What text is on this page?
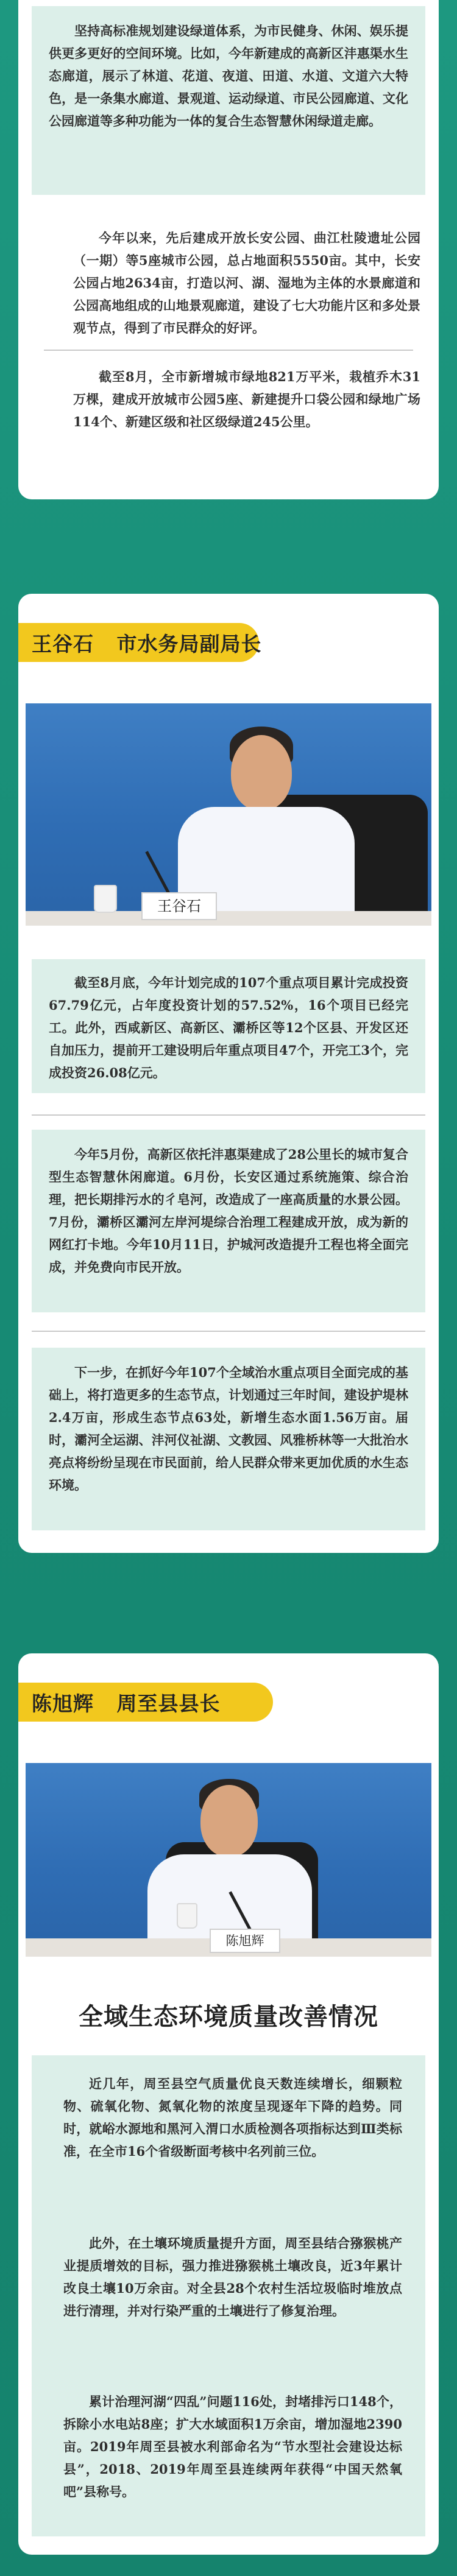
坚持高标准规划建设绿道体系，为市民健身、休闲、娱乐提供更多更好的空间环境。比如，今年新建成的高新区沣惠渠水生态廊道，展示了林道、花道、夜道、田道、水道、文道六大特色，是一条集水廊道、景观道、运动绿道、市民公园廊道、文化公园廊道等多种功能为一体的复合生态智慧休闲绿道走廊。

今年以来，先后建成开放长安公园、曲江杜陵遗址公园（一期）等5座城市公园，总占地面积5550亩。其中，长安公园占地2634亩，打造以河、湖、湿地为主体的水景廊道和公园高地组成的山地景观廊道，建设了七大功能片区和多处景观节点，得到了市民群众的好评。

截至8月，全市新增城市绿地821万平米，栽植乔木31万棵，建成开放城市公园5座、新建提升口袋公园和绿地广场114个、新建区级和社区级绿道245公里。

王谷石   市水务局副局长
王谷石

截至8月底，今年计划完成的107个重点项目累计完成投资67.79亿元，占年度投资计划的57.52%，16个项目已经完工。此外，西咸新区、高新区、灞桥区等12个区县、开发区还自加压力，提前开工建设明后年重点项目47个，开完工3个，完成投资26.08亿元。

今年5月份，高新区依托沣惠渠建成了28公里长的城市复合型生态智慧休闲廊道。6月份，长安区通过系统施策、综合治理，把长期排污水的彳皂河，改造成了一座高质量的水景公园。7月份，灞桥区灞河左岸河堤综合治理工程建成开放，成为新的网红打卡地。今年10月11日，护城河改造提升工程也将全面完成，并免费向市民开放。

下一步，在抓好今年107个全域治水重点项目全面完成的基础上，将打造更多的生态节点，计划通过三年时间，建设护堤林2.4万亩，形成生态节点63处，新增生态水面1.56万亩。届时，灞河全运湖、沣河仪祉湖、文教园、风雅桥林等一大批治水亮点将纷纷呈现在市民面前，给人民群众带来更加优质的水生态环境。

陈旭辉   周至县县长
陈旭辉

全域生态环境质量改善情况

近几年，周至县空气质量优良天数连续增长，细颗粒物、硫氧化物、氮氧化物的浓度呈现逐年下降的趋势。同时，就峪水源地和黑河入渭口水质检测各项指标达到Ⅲ类标准，在全市16个省级断面考核中名列前三位。

此外，在土壤环境质量提升方面，周至县结合猕猴桃产业提质增效的目标，强力推进猕猴桃土壤改良，近3年累计改良土壤10万余亩。对全县28个农村生活垃圾临时堆放点进行清理，并对行染严重的土壤进行了修复治理。

累计治理河湖“四乱”问题116处，封堵排污口148个，拆除小水电站8座；扩大水域面积1万余亩，增加湿地2390亩。2019年周至县被水利部命名为“节水型社会建设达标县”，2018、2019年周至县连续两年获得“中国天然氧吧”县称号。
